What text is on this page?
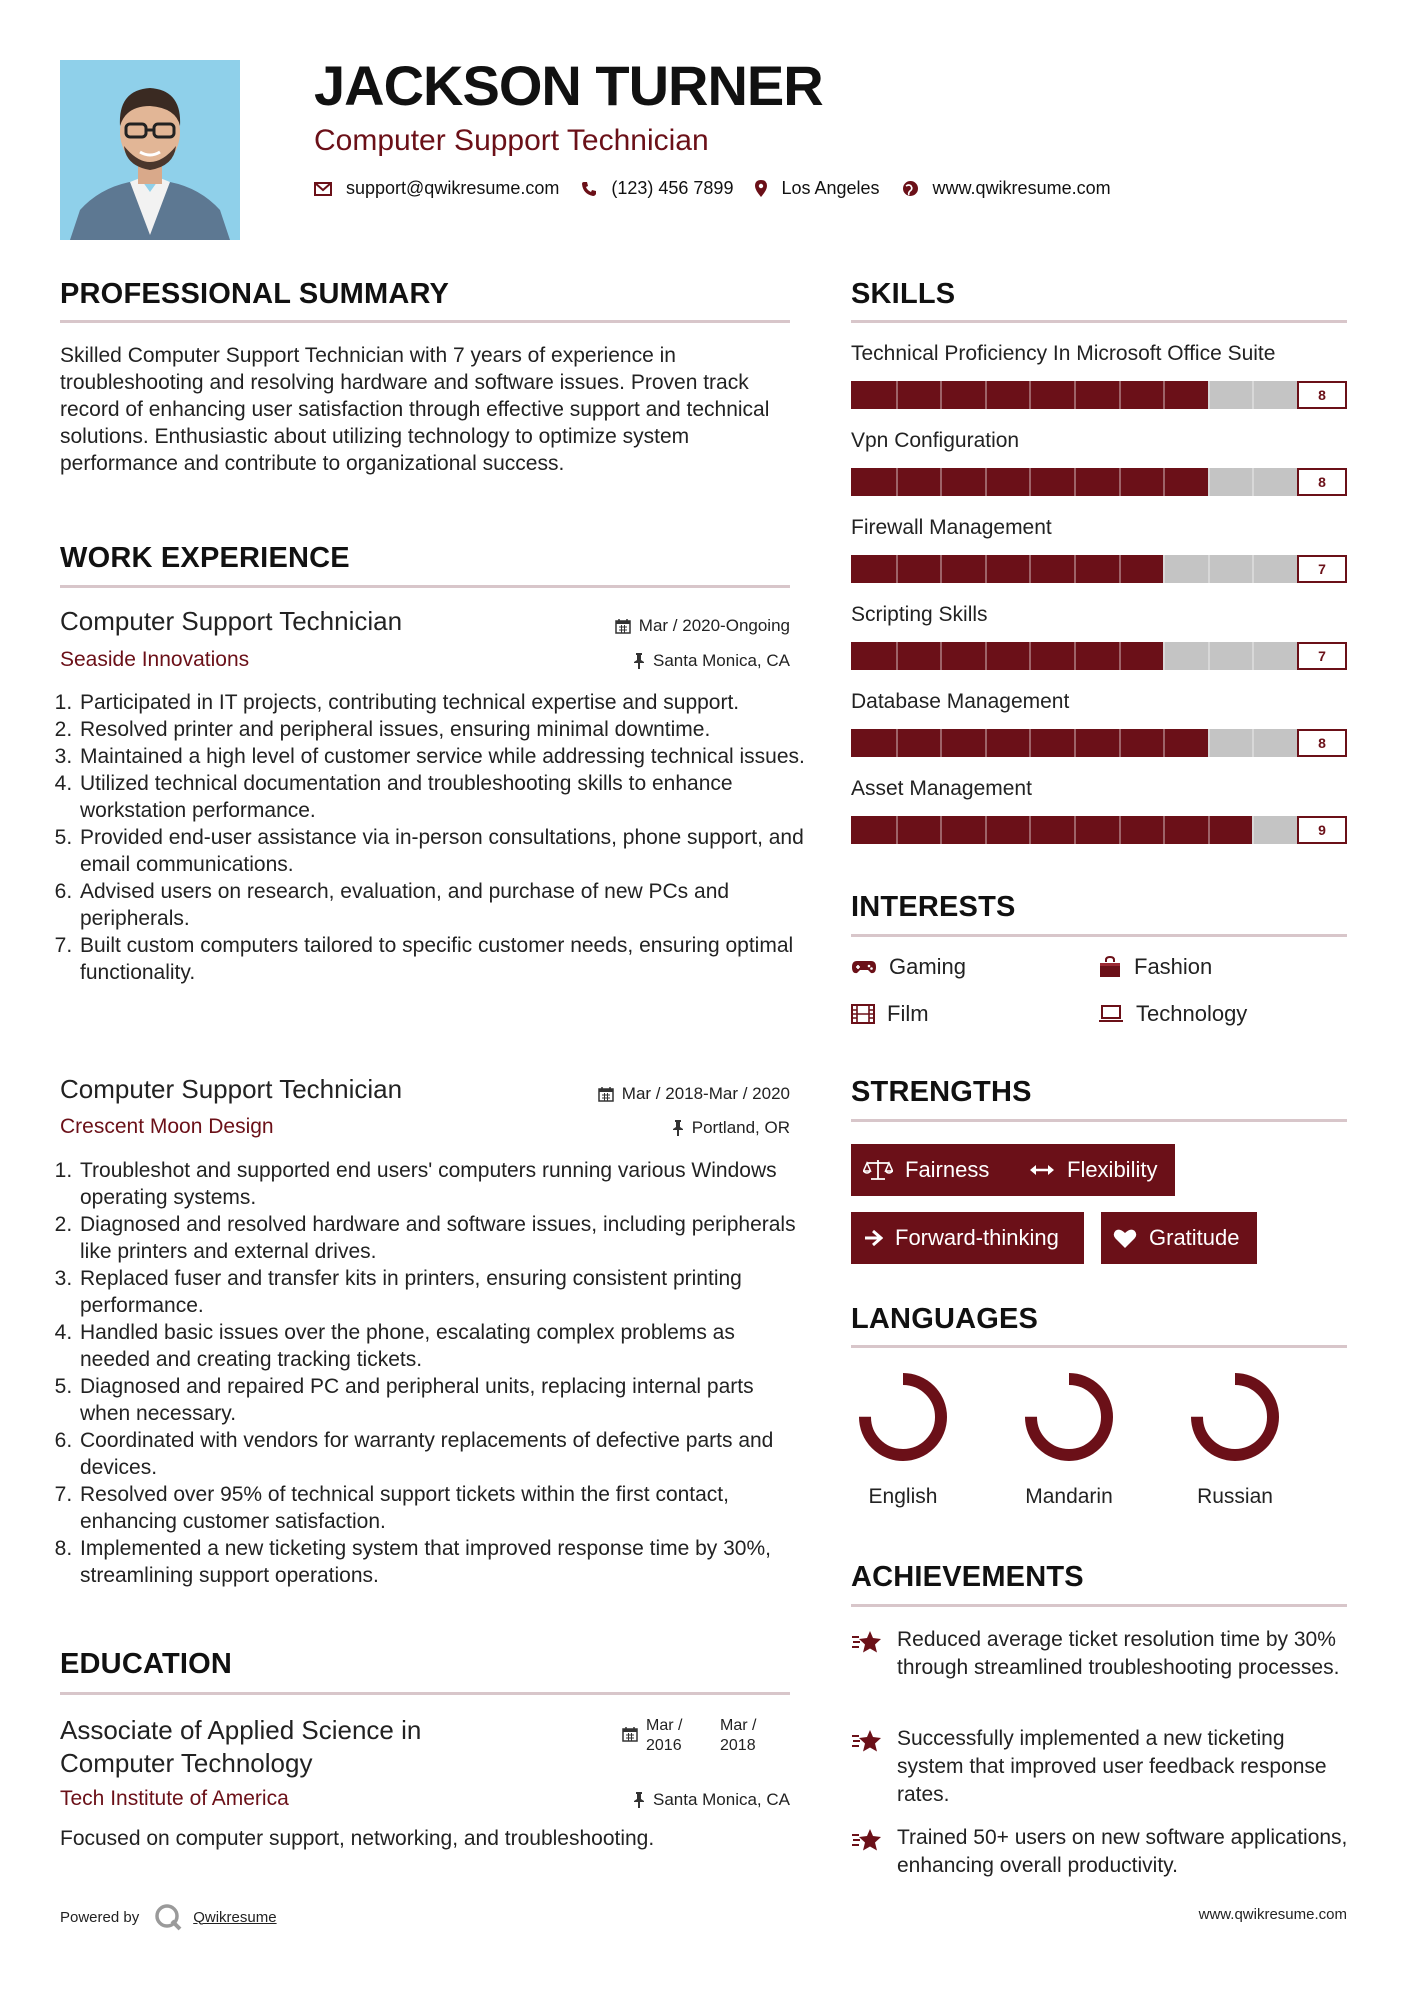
JACKSON TURNER
Computer Support Technician
support@qwikresume.com	(123) 456 7899	Los Angeles	www.qwikresume.com
PROFESSIONAL SUMMARY
Skilled Computer Support Technician with 7 years of experience in troubleshooting and resolving hardware and software issues. Proven track record of enhancing user satisfaction through effective support and technical solutions. Enthusiastic about utilizing technology to optimize system performance and contribute to organizational success.
WORK EXPERIENCE
Computer Support Technician	Mar / 2020-Ongoing
Seaside Innovations	Santa Monica, CA
1. Participated in IT projects, contributing technical expertise and support.
2. Resolved printer and peripheral issues, ensuring minimal downtime.
3. Maintained a high level of customer service while addressing technical issues.
4. Utilized technical documentation and troubleshooting skills to enhance workstation performance.
5. Provided end-user assistance via in-person consultations, phone support, and email communications.
6. Advised users on research, evaluation, and purchase of new PCs and peripherals.
7. Built custom computers tailored to specific customer needs, ensuring optimal functionality.
Computer Support Technician	Mar / 2018-Mar / 2020
Crescent Moon Design	Portland, OR
1. Troubleshot and supported end users' computers running various Windows operating systems.
2. Diagnosed and resolved hardware and software issues, including peripherals like printers and external drives.
3. Replaced fuser and transfer kits in printers, ensuring consistent printing performance.
4. Handled basic issues over the phone, escalating complex problems as needed and creating tracking tickets.
5. Diagnosed and repaired PC and peripheral units, replacing internal parts when necessary.
6. Coordinated with vendors for warranty replacements of defective parts and devices.
7. Resolved over 95% of technical support tickets within the first contact, enhancing customer satisfaction.
8. Implemented a new ticketing system that improved response time by 30%, streamlining support operations.
EDUCATION
Associate of Applied Science in
Computer Technology
Mar / 2016
Mar / 2018
Tech Institute of America	Santa Monica, CA
Focused on computer support, networking, and troubleshooting.
SKILLS
Technical Proficiency In Microsoft Office Suite
8
Vpn Configuration
8
Firewall Management
7
Scripting Skills
7
Database Management
8
Asset Management
9
INTERESTS
Gaming	Fashion
Film	Technology
STRENGTHS
Fairness	Flexibility
Forward-thinking	Gratitude
LANGUAGES
English	Mandarin	Russian
ACHIEVEMENTS
Reduced average ticket resolution time by 30% through streamlined troubleshooting processes.
Successfully implemented a new ticketing system that improved user feedback response rates.
Trained 50+ users on new software applications, enhancing overall productivity.
Powered by	Qwikresume	www.qwikresume.com
